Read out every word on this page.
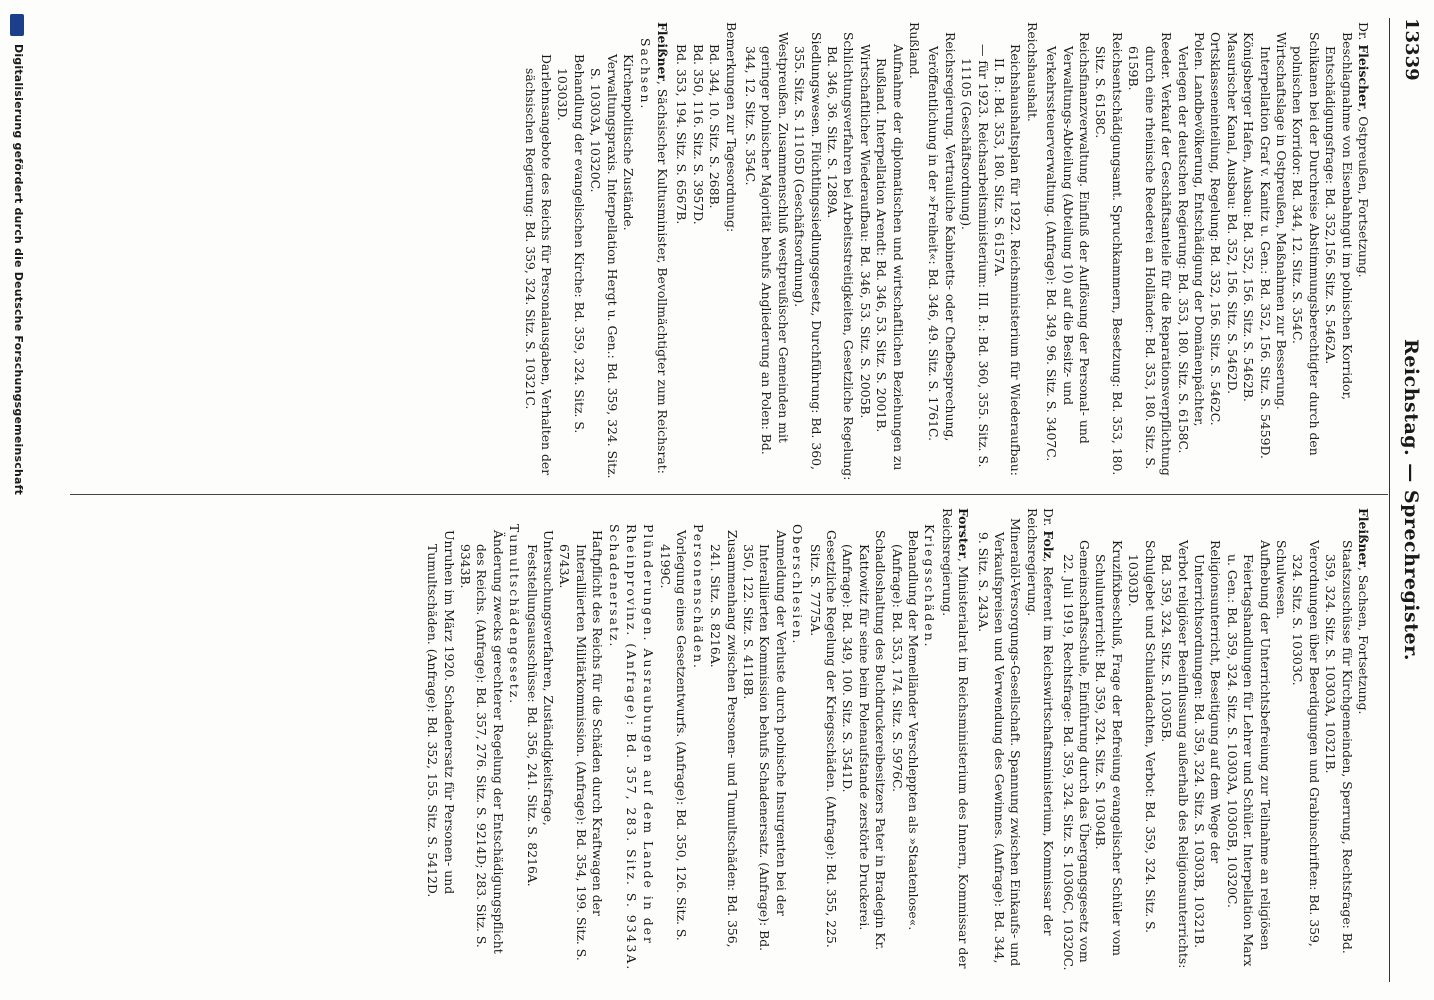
13339
Reichstag. — Sprechregister.
Dr. Fleischer, Ostpreußen, Fortsetzung.
Beschlagnahme von Eisenbahngut im polnischen Korridor, Entschädigungsfrage: Bd. 352,156. Sitz. S. 5462A.
Schikanen bei der Durchreise Abstimmungsberechtigter durch den polnischen Korridor: Bd. 344, 12. Sitz. S. 354C.
Wirtschaftslage in Ostpreußen, Maßnahmen zur Besserung. Interpellation Graf v. Kanitz u. Gen.: Bd. 352, 156. Sitz. S. 5459D.
Königsberger Hafen, Ausbau: Bd. 352, 156. Sitz. S. 5462B.
Masurischer Kanal, Ausbau: Bd. 352, 156. Sitz. S. 5462D.
Ortsklasseneinteilung, Regelung: Bd. 352, 156. Sitz. S. 5462C.
Polen. Landbevölkerung, Entschädigung der Domänenpächter, Verlegen der deutschen Regierung: Bd. 353, 180. Sitz. S. 6158C.
Reeder. Verkauf der Geschäftsanteile für die Reparationsverpflichtung durch eine rheinische Reederei an Holländer: Bd. 353, 180. Sitz. S. 6159B.
Reichsentschädigungsamt. Spruchkammern, Besetzung: Bd. 353, 180. Sitz. S. 6158C.
Reichsfinanzverwaltung. Einfluß der Auflösung der Personal- und Verwaltungs-Abteilung (Abteilung 10) auf die Besitz- und Verkehrssteuerverwaltung. (Anfrage): Bd. 349, 96. Sitz. S. 3407C.
Reichshaushalt.
Reichshaushaltsplan für 1922. Reichsministerium für Wiederaufbau: II. B.: Bd. 353, 180. Sitz. S. 6157A.
— für 1923. Reichsarbeitsministerium: III. B.: Bd. 360, 355. Sitz. S. 11105 (Geschäftsordnung).
Reichsregierung. Vertrauliche Kabinetts- oder Chefbesprechung, Veröffentlichung in der »Freiheit«: Bd. 346, 49. Sitz. S. 1761C.
Rußland.
Aufnahme der diplomatischen und wirtschaftlichen Beziehungen zu Rußland. Interpellation Arendt: Bd. 346, 53. Sitz. S. 2001B.
Wirtschaftlicher Wiederaufbau: Bd. 346, 53. Sitz. S. 2005B.
Schlichtungsverfahren bei Arbeitsstreitigkeiten, Gesetzliche Regelung: Bd. 346, 36. Sitz. S. 1289A.
Siedlungswesen. Flüchtlingssiedlungsgesetz, Durchführung: Bd. 360, 355. Sitz. S. 11105D (Geschäftsordnung).
Westpreußen. Zusammenschluß westpreußischer Gemeinden mit geringer polnischer Majorität behufs Angliederung an Polen: Bd. 344, 12. Sitz. S. 354C.
Bemerkungen zur Tagesordnung:
Bd. 344, 10. Sitz. S. 268B.
Bd. 350, 116. Sitz. S. 3957D.
Bd. 353, 194. Sitz. S. 6567B.
Fleißner, Sächsischer Kultusminister, Bevollmächtigter zum Reichsrat:
Sachsen.
Kirchenpolitische Zustände.
Verwaltungspraxis. Interpellation Hergt u. Gen.: Bd. 359, 324. Sitz. S. 10303A, 10320C.
Behandlung der evangelischen Kirche: Bd. 359, 324. Sitz. S. 10303D.
Darlehnsangebote des Reichs für Personalausgaben, Verhalten der sächsischen Regierung: Bd. 359, 324. Sitz. S. 10321C.
Fleißner, Sachsen, Fortsetzung.
Staatszuschüsse für Kirchgemeinden, Sperrung, Rechtsfrage: Bd. 359, 324. Sitz. S. 10303A, 10321B.
Verordnungen über Beerdigungen und Grabinschriften: Bd. 359, 324. Sitz. S. 10303C.
Schulwesen.
Aufhebung der Unterrichtsbefreiung zur Teilnahme an religiösen Feiertagshandlungen für Lehrer und Schüler. Interpellation Marx u. Gen.: Bd. 359, 324. Sitz. S. 10303A, 10305B, 10320C.
Religionsunterricht, Beseitigung auf dem Wege der Unterrichtsordnungen: Bd. 359, 324. Sitz. S. 10303B, 10321B.
Verbot religiöser Beeinflussung außerhalb des Religionsunterrichts: Bd. 359, 324. Sitz. S. 10305B.
Schulgebet und Schulandachten, Verbot: Bd. 359, 324. Sitz. S. 10303D.
Kruzifixbeschluß, Frage der Befreiung evangelischer Schüler vom Schulunterricht: Bd. 359, 324. Sitz. S. 10304B.
Gemeinschaftsschule, Einführung durch das Übergangsgesetz vom 22. Juli 1919, Rechtsfrage: Bd. 359, 324. Sitz. S. 10306C, 10320C.
Dr. Folz, Referent im Reichswirtschaftsministerium, Kommissar der Reichsregierung.
Mineralöl-Versorgungs-Gesellschaft. Spannung zwischen Einkaufs- und Verkaufspreisen und Verwendung des Gewinnes. (Anfrage): Bd. 344, 9. Sitz. S. 243A.
Forster, Ministerialrat im Reichsministerium des Innern, Kommissar der Reichsregierung.
Kriegsschäden.
Behandlung der Memelländer Verschleppten als »Staatenlose«. (Anfrage): Bd. 353, 174. Sitz. S. 5976C.
Schadloshaltung des Buchdruckereibesitzers Pater in Bradegin Kr. Kattowitz für seine beim Polenaufstande zerstörte Druckerei. (Anfrage): Bd. 349, 100. Sitz. S. 3541D.
Gesetzliche Regelung der Kriegsschäden. (Anfrage): Bd. 355, 225. Sitz. S. 7775A.
Oberschlesien.
Anmeldung der Verluste durch polnische Insurgenten bei der Interalliierten Kommission behufs Schadenersatz. (Anfrage): Bd. 350, 122. Sitz. S. 4118B.
Zusammenhang zwischen Personen- und Tumultschäden: Bd. 356, 241. Sitz. S. 8216A.
Personenschäden.
Vorlegung eines Gesetzentwurfs. (Anfrage): Bd. 350, 126. Sitz. S. 4199C.
Plünderungen. Ausraubungen auf dem Lande in der Rheinprovinz. (Anfrage): Bd. 357, 283. Sitz. S. 9343A.
Schadenersatz.
Haftpflicht des Reichs für die Schäden durch Kraftwagen der Interalliierten Militärkommission. (Anfrage): Bd. 354, 199. Sitz. S. 6743A.
Untersuchungsverfahren, Zuständigkeitsfrage, Feststellungsausschüsse: Bd. 356, 241. Sitz. S. 8216A.
Tumultschädengesetz.
Änderung zwecks gerechterer Regelung der Entschädigungspflicht des Reichs. (Anfrage): Bd. 357, 276. Sitz. S. 9214D; 283. Sitz. S. 9343B.
Unruhen im März 1920. Schadenersatz für Personen- und Tumultschäden. (Anfrage): Bd. 352, 155. Sitz. S. 5412D.
Digitalisierung gefördert durch die Deutsche Forschungsgemeinschaft
